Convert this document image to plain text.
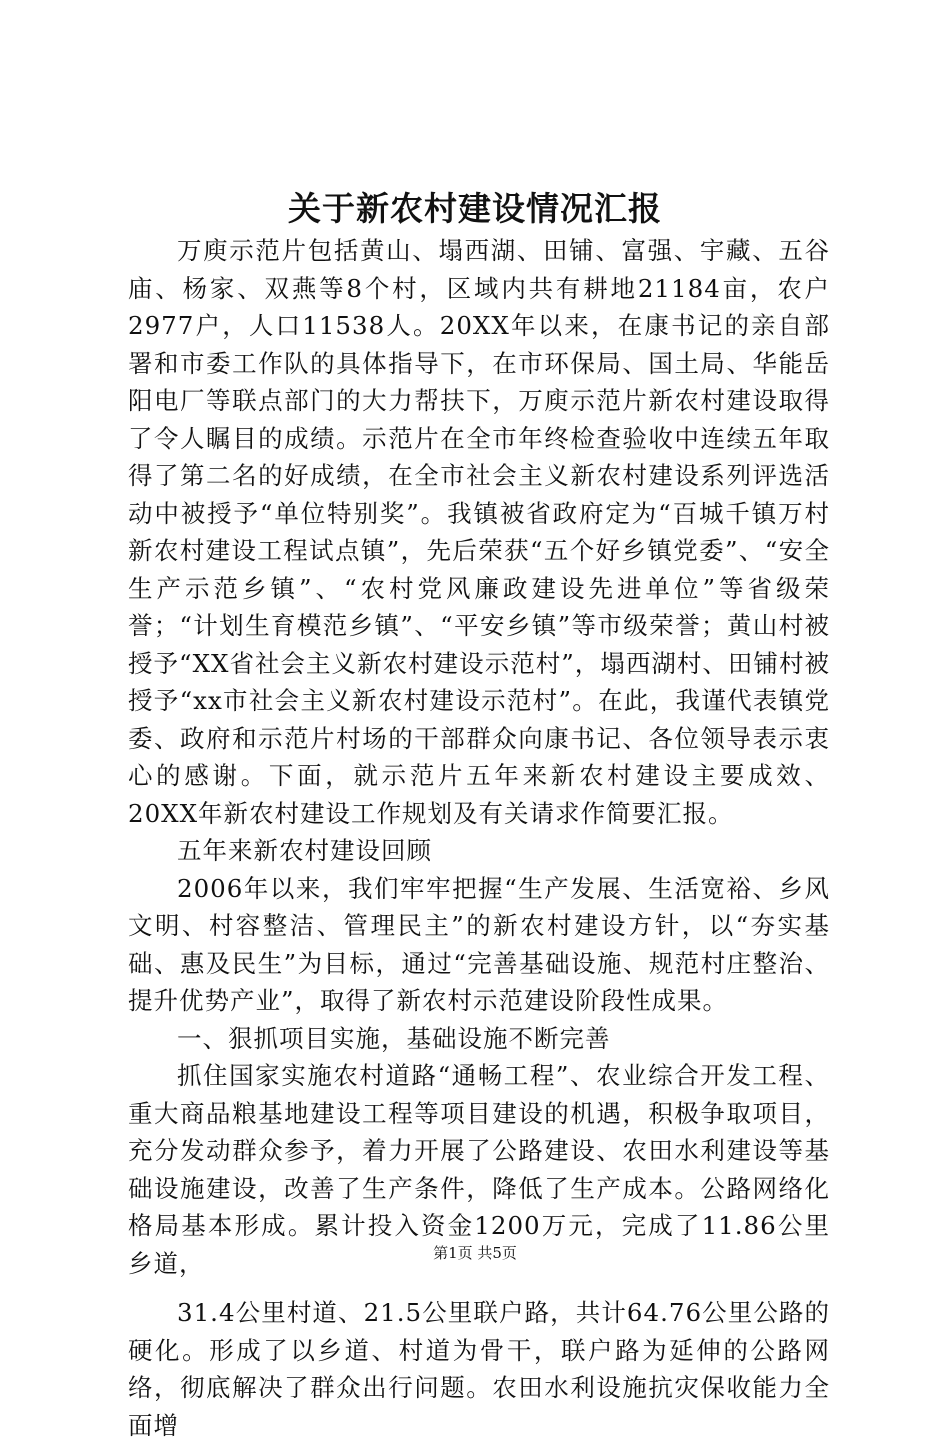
关于新农村建设情况汇报

万庾示范片包括黄山、塌西湖、田铺、富强、宇藏、五谷庙、杨家、双燕等8个村，区域内共有耕地21184亩，农户2977户，人口11538人。20XX年以来，在康书记的亲自部署和市委工作队的具体指导下，在市环保局、国土局、华能岳阳电厂等联点部门的大力帮扶下，万庾示范片新农村建设取得了令人瞩目的成绩。示范片在全市年终检查验收中连续五年取得了第二名的好成绩，在全市社会主义新农村建设系列评选活动中被授予“单位特别奖”。我镇被省政府定为“百城千镇万村新农村建设工程试点镇”，先后荣获“五个好乡镇党委”、“安全生产示范乡镇”、“农村党风廉政建设先进单位”等省级荣誉；“计划生育模范乡镇”、“平安乡镇”等市级荣誉；黄山村被授予“XX省社会主义新农村建设示范村”，塌西湖村、田铺村被授予“xx市社会主义新农村建设示范村”。在此，我谨代表镇党委、政府和示范片村场的干部群众向康书记、各位领导表示衷心的感谢。下面，就示范片五年来新农村建设主要成效、20XX年新农村建设工作规划及有关请求作简要汇报。

五年来新农村建设回顾

2006年以来，我们牢牢把握“生产发展、生活宽裕、乡风文明、村容整洁、管理民主”的新农村建设方针，以“夯实基础、惠及民生”为目标，通过“完善基础设施、规范村庄整治、提升优势产业”，取得了新农村示范建设阶段性成果。

一、狠抓项目实施，基础设施不断完善

抓住国家实施农村道路“通畅工程”、农业综合开发工程、重大商品粮基地建设工程等项目建设的机遇，积极争取项目，充分发动群众参予，着力开展了公路建设、农田水利建设等基础设施建设，改善了生产条件，降低了生产成本。公路网络化格局基本形成。累计投入资金1200万元，完成了11.86公里乡道，

31.4公里村道、21.5公里联户路，共计64.76公里公路的硬化。形成了以乡道、村道为骨干，联户路为延伸的公路网络，彻底解决了群众出行问题。农田水利设施抗灾保收能力全面增

第1页 共5页
